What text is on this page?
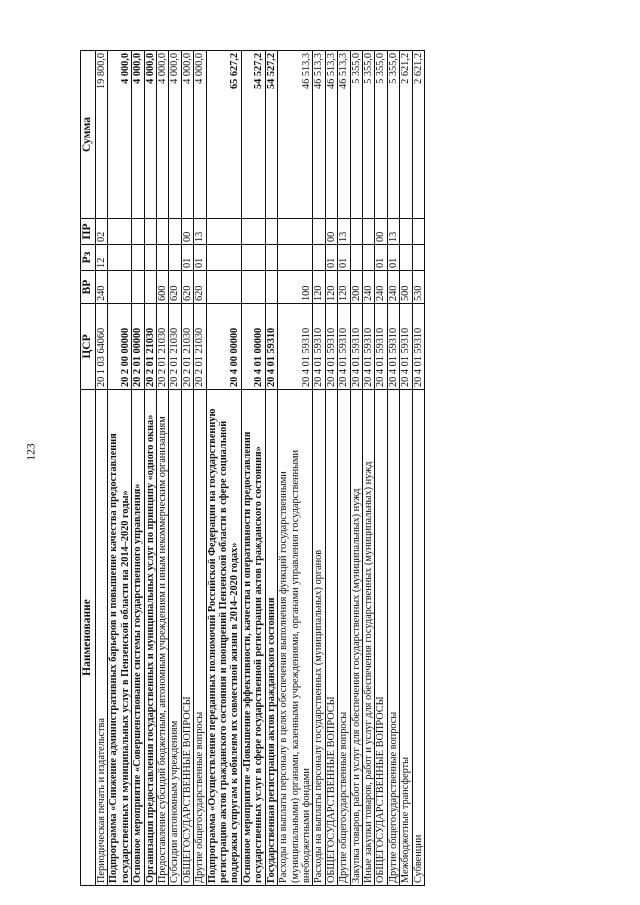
123
Наименование	ЦСР	ВР	Рз	ПР	Сумма
Периодическая печать и издательства	20 1 03 64060	240	12	02	19 800,0
Подпрограмма «Снижение административных барьеров и повышение качества предоставления государственных и муниципальных услуг в Пензенской области на 2014–2020 годы»	20 2 00 00000				4 000,0
Основное мероприятие «Совершенствование системы государственного управления»	20 2 01 00000				4 000,0
Организация предоставления государственных и муниципальных услуг по принципу «одного окна»	20 2 01 21030				4 000,0
Предоставление субсидий бюджетным, автономным учреждениям и иным некоммерческим организациям	20 2 01 21030	600			4 000,0
Субсидии автономным учреждениям	20 2 01 21030	620			4 000,0
ОБЩЕГОСУДАРСТВЕННЫЕ ВОПРОСЫ	20 2 01 21030	620	01	00	4 000,0
Другие общегосударственные вопросы	20 2 01 21030	620	01	13	4 000,0
Подпрограмма «Осуществление переданных полномочий Российской Федерации на государственную регистрацию актов гражданского состояния и поощрений Пензенской области в сфере социальной поддержки супругам к юбилеям их совместной жизни в 2014–2020 годах»	20 4 00 00000				65 627,2
Основное мероприятие «Повышение эффективности, качества и оперативности предоставления государственных услуг в сфере государственной регистрации актов гражданского состояния»	20 4 01 00000				54 527,2
Государственная регистрация актов гражданского состояния	20 4 01 59310				54 527,2
Расходы на выплаты персоналу в целях обеспечения выполнения функций государственными (муниципальными) органами, казенными учреждениями, органами управления государственными внебюджетными фондами	20 4 01 59310	100			46 513,3
Расходы на выплаты персоналу государственных (муниципальных) органов	20 4 01 59310	120			46 513,3
ОБЩЕГОСУДАРСТВЕННЫЕ ВОПРОСЫ	20 4 01 59310	120	01	00	46 513,3
Другие общегосударственные вопросы	20 4 01 59310	120	01	13	46 513,3
Закупка товаров, работ и услуг для обеспечения государственных (муниципальных) нужд	20 4 01 59310	200			5 355,0
Иные закупки товаров, работ и услуг для обеспечения государственных (муниципальных) нужд	20 4 01 59310	240			5 355,0
ОБЩЕГОСУДАРСТВЕННЫЕ ВОПРОСЫ	20 4 01 59310	240	01	00	5 355,0
Другие общегосударственные вопросы	20 4 01 59310	240	01	13	5 355,0
Межбюджетные трансферты	20 4 01 59310	500			2 621,2
Субвенции	20 4 01 59310	530			2 621,2
